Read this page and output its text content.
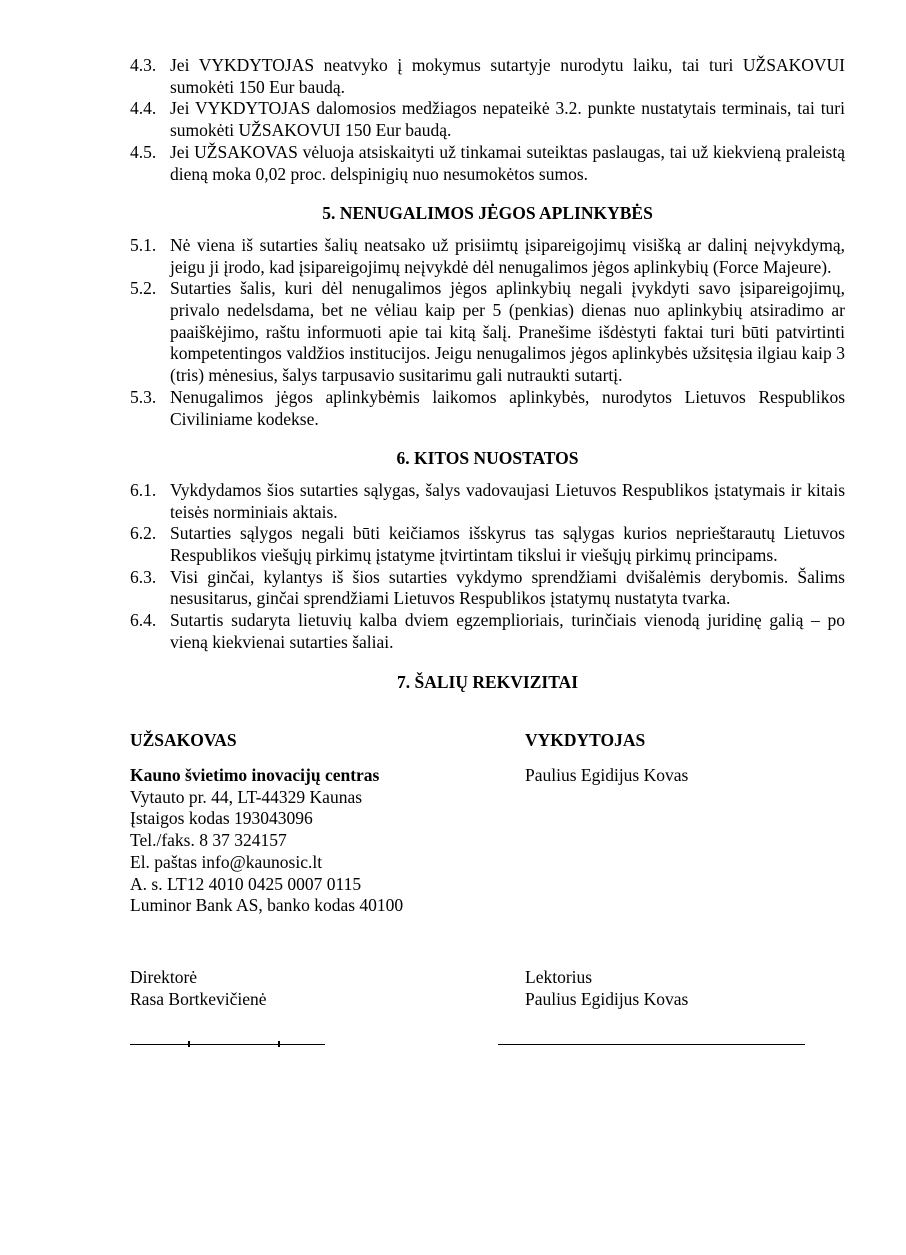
4.3. Jei VYKDYTOJAS neatvyko į mokymus sutartyje nurodytu laiku, tai turi UŽSAKOVUI sumokėti 150 Eur baudą.
4.4. Jei VYKDYTOJAS dalomosios medžiagos nepateikė 3.2. punkte nustatytais terminais, tai turi sumokėti UŽSAKOVUI 150 Eur baudą.
4.5. Jei UŽSAKOVAS vėluoja atsiskaityti už tinkamai suteiktas paslaugas, tai už kiekvieną praleistą dieną moka 0,02 proc. delspinigių nuo nesumokėtos sumos.
5. NENUGALIMOS JĖGOS APLINKYBĖS
5.1. Nė viena iš sutarties šalių neatsako už prisiimtų įsipareigojimų visišką ar dalinį neįvykdymą, jeigu ji įrodo, kad įsipareigojimų neįvykdė dėl nenugalimos jėgos aplinkybių (Force Majeure).
5.2. Sutarties šalis, kuri dėl nenugalimos jėgos aplinkybių negali įvykdyti savo įsipareigojimų, privalo nedelsdama, bet ne vėliau kaip per 5 (penkias) dienas nuo aplinkybių atsiradimo ar paaiškėjimo, raštu informuoti apie tai kitą šalį. Pranešime išdėstyti faktai turi būti patvirtinti kompetentingos valdžios institucijos. Jeigu nenugalimos jėgos aplinkybės užsitęsia ilgiau kaip 3 (tris) mėnesius, šalys tarpusavio susitarimu gali nutraukti sutartį.
5.3. Nenugalimos jėgos aplinkybėmis laikomos aplinkybės, nurodytos Lietuvos Respublikos Civiliniame kodekse.
6. KITOS NUOSTATOS
6.1. Vykdydamos šios sutarties sąlygas, šalys vadovaujasi Lietuvos Respublikos įstatymais ir kitais teisės norminiais aktais.
6.2. Sutarties sąlygos negali būti keičiamos išskyrus tas sąlygas kurios neprieštarautų Lietuvos Respublikos viešųjų pirkimų įstatyme įtvirtintam tikslui ir viešųjų pirkimų principams.
6.3. Visi ginčai, kylantys iš šios sutarties vykdymo sprendžiami dvišalėmis derybomis. Šalims nesusitarus, ginčai sprendžiami Lietuvos Respublikos įstatymų nustatyta tvarka.
6.4. Sutartis sudaryta lietuvių kalba dviem egzemplioriais, turinčiais vienodą juridinę galią – po vieną kiekvienai sutarties šaliai.
7. ŠALIŲ REKVIZITAI
UŽSAKOVAS
Kauno švietimo inovacijų centras
Vytauto pr. 44, LT-44329 Kaunas
Įstaigos kodas 193043096
Tel./faks. 8 37 324157
El. paštas info@kaunosic.lt
A. s. LT12 4010 0425 0007 0115
Luminor Bank AS, banko kodas 40100
VYKDYTOJAS
Paulius Egidijus Kovas
Direktorė
Rasa Bortkevičienė
Lektorius
Paulius Egidijus Kovas
